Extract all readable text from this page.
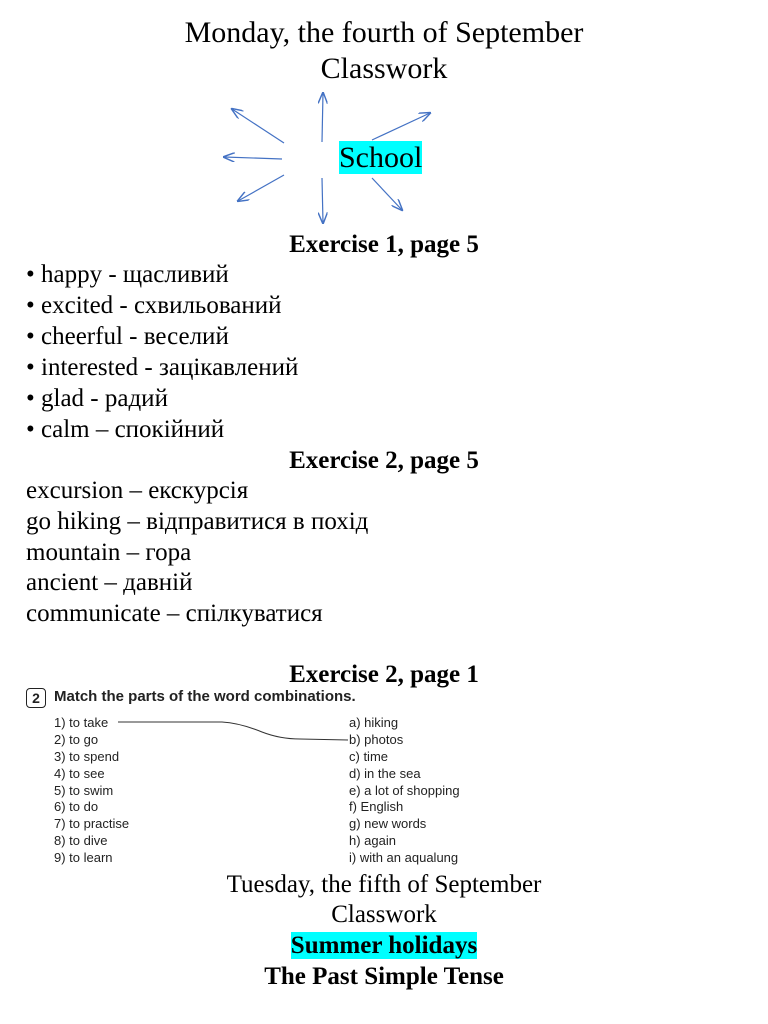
Monday, the fourth of September
Classwork
School
Exercise 1, page 5
• happy - щасливий
• excited - схвильований
• cheerful - веселий
• interested - зацікавлений
• glad - радий
• calm – спокійний
Exercise 2, page 5
excursion – екскурсія
go hiking – відправитися в похід
mountain – гора
ancient – давній
communicate – спілкуватися
Exercise 2, page 1
2 Match the parts of the word combinations.
1) to take
2) to go
3) to spend
4) to see
5) to swim
6) to do
7) to practise
8) to dive
9) to learn
a) hiking
b) photos
c) time
d) in the sea
e) a lot of shopping
f) English
g) new words
h) again
i) with an aqualung
Tuesday, the fifth of September
Classwork
Summer holidays
The Past Simple Tense
